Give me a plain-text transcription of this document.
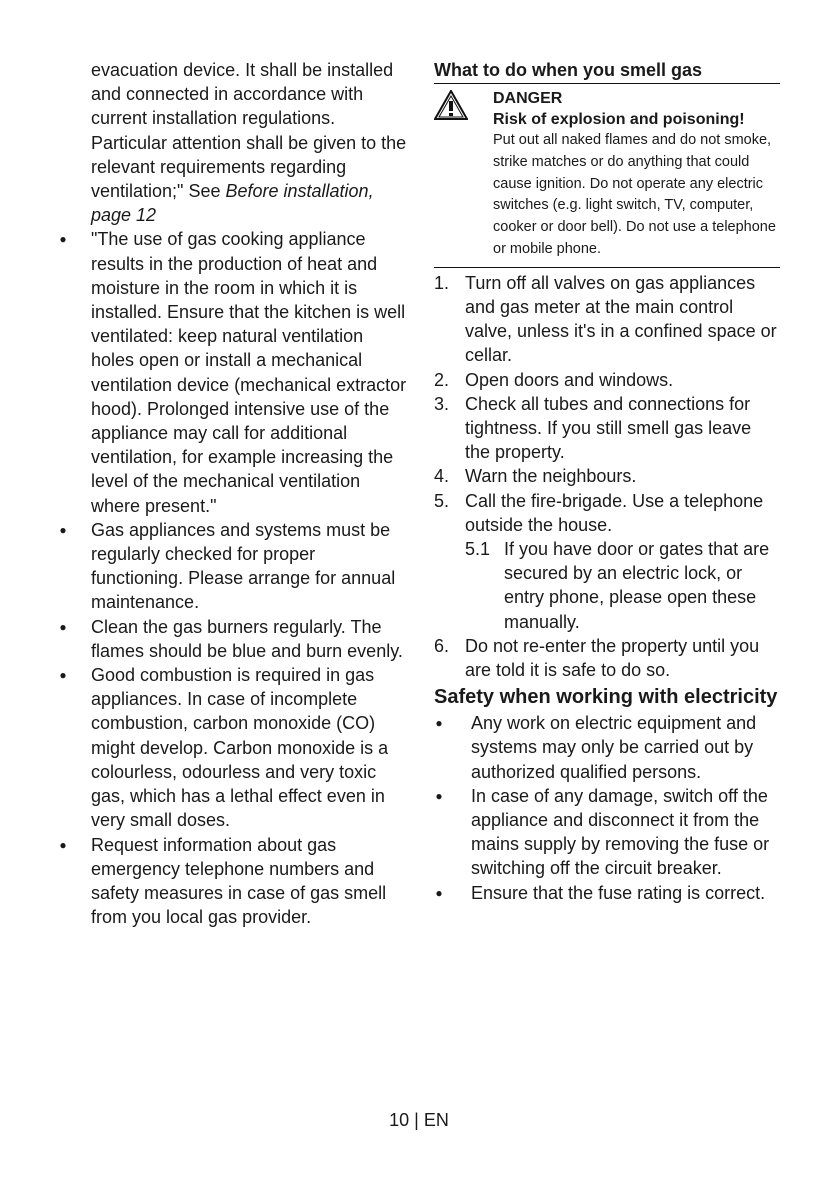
evacuation device. It shall be installed and connected in accordance with current installation regulations. Particular attention shall be given to the relevant requirements regarding ventilation;" See Before installation, page 12
● "The use of gas cooking appliance results in the production of heat and moisture in the room in which it is installed. Ensure that the kitchen is well ventilated: keep natural ventilation holes open or install a mechanical ventilation device (mechanical extractor hood). Prolonged intensive use of the appliance may call for additional ventilation, for example increasing the level of the mechanical ventilation where present."
● Gas appliances and systems must be regularly checked for proper functioning. Please arrange for annual maintenance.
● Clean the gas burners regularly. The flames should be blue and burn evenly.
● Good combustion is required in gas appliances. In case of incomplete combustion, carbon monoxide (CO) might develop. Carbon monoxide is a colourless, odourless and very toxic gas, which has a lethal effect even in very small doses.
● Request information about gas emergency telephone numbers and safety measures in case of gas smell from you local gas provider.
What to do when you smell gas
DANGER
Risk of explosion and poisoning!
Put out all naked flames and do not smoke, strike matches or do anything that could cause ignition. Do not operate any electric switches (e.g. light switch, TV, computer, cooker or door bell). Do not use a telephone or mobile phone.
1. Turn off all valves on gas appliances and gas meter at the main control valve, unless it's in a confined space or cellar.
2. Open doors and windows.
3. Check all tubes and connections for tightness. If you still smell gas leave the property.
4. Warn the neighbours.
5. Call the fire-brigade. Use a telephone outside the house.
5.1 If you have door or gates that are secured by an electric lock, or entry phone, please open these manually.
6. Do not re-enter the property until you are told it is safe to do so.
Safety when working with electricity
● Any work on electric equipment and systems may only be carried out by authorized qualified persons.
● In case of any damage, switch off the appliance and disconnect it from the mains supply by removing the fuse or switching off the circuit breaker.
● Ensure that the fuse rating is correct.
10 | EN
